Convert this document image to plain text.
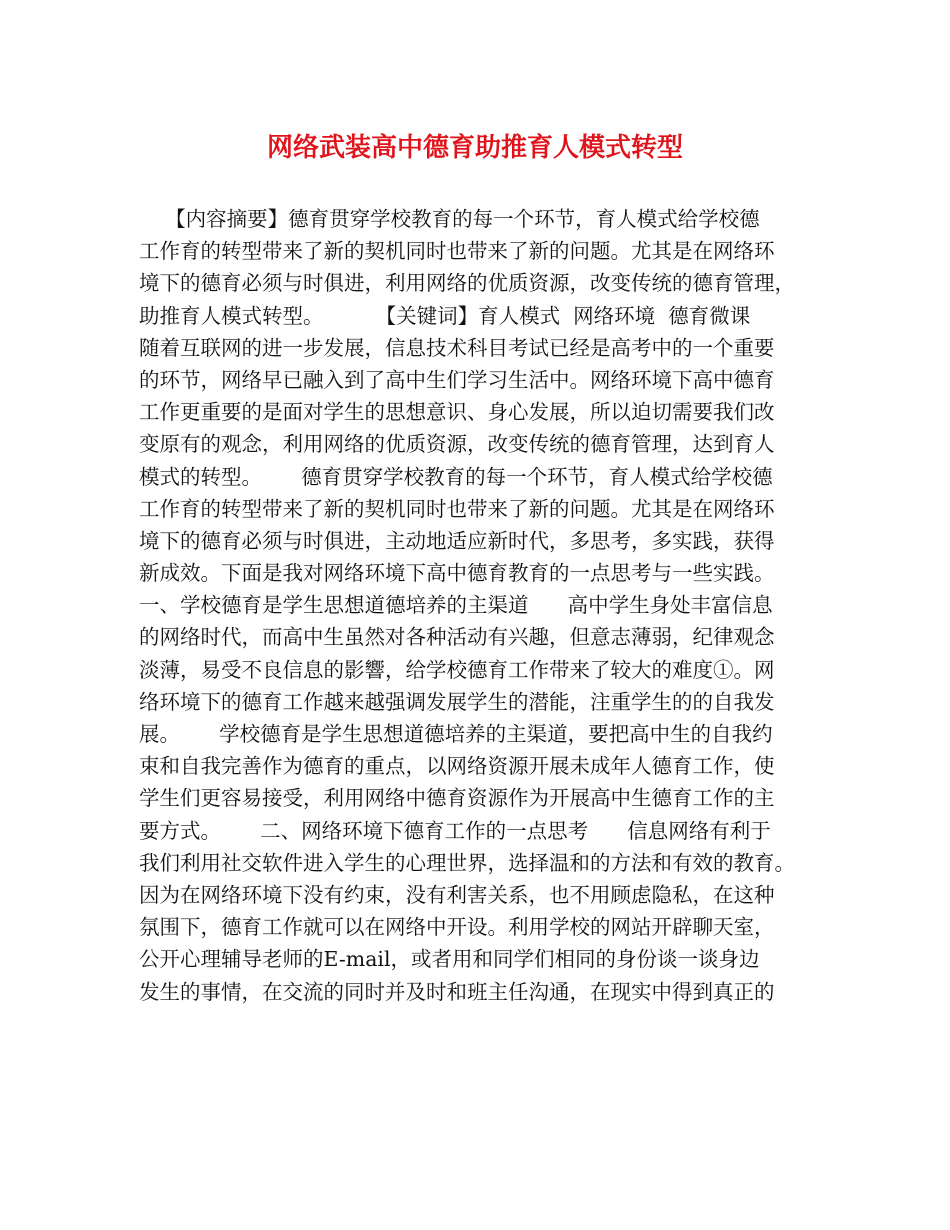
网络武装高中德育助推育人模式转型
【内容摘要】德育贯穿学校教育的每一个环节，育人模式给学校德
工作育的转型带来了新的契机同时也带来了新的问题。尤其是在网络环
境下的德育必须与时俱进，利用网络的优质资源，改变传统的德育管理，
助推育人模式转型。        【关键词】育人模式  网络环境  德育微课
随着互联网的进一步发展，信息技术科目考试已经是高考中的一个重要
的环节，网络早已融入到了高中生们学习生活中。网络环境下高中德育
工作更重要的是面对学生的思想意识、身心发展，所以迫切需要我们改
变原有的观念，利用网络的优质资源，改变传统的德育管理，达到育人
模式的转型。      德育贯穿学校教育的每一个环节，育人模式给学校德
工作育的转型带来了新的契机同时也带来了新的问题。尤其是在网络环
境下的德育必须与时俱进，主动地适应新时代，多思考，多实践，获得
新成效。下面是我对网络环境下高中德育教育的一点思考与一些实践。
一、学校德育是学生思想道德培养的主渠道      高中学生身处丰富信息
的网络时代，而高中生虽然对各种活动有兴趣，但意志薄弱，纪律观念
淡薄，易受不良信息的影響，给学校德育工作带来了较大的难度①。网
络环境下的德育工作越来越强调发展学生的潜能，注重学生的的自我发
展。      学校德育是学生思想道德培养的主渠道，要把高中生的自我约
束和自我完善作为德育的重点，以网络资源开展未成年人德育工作，使
学生们更容易接受，利用网络中德育资源作为开展高中生德育工作的主
要方式。      二、网络环境下德育工作的一点思考      信息网络有利于
我们利用社交软件进入学生的心理世界，选择温和的方法和有效的教育。
因为在网络环境下没有约束，没有利害关系，也不用顾虑隐私，在这种
氛围下，德育工作就可以在网络中开设。利用学校的网站开辟聊天室，
公开心理辅导老师的E-mail，或者用和同学们相同的身份谈一谈身边
发生的事情，在交流的同时并及时和班主任沟通，在现实中得到真正的
